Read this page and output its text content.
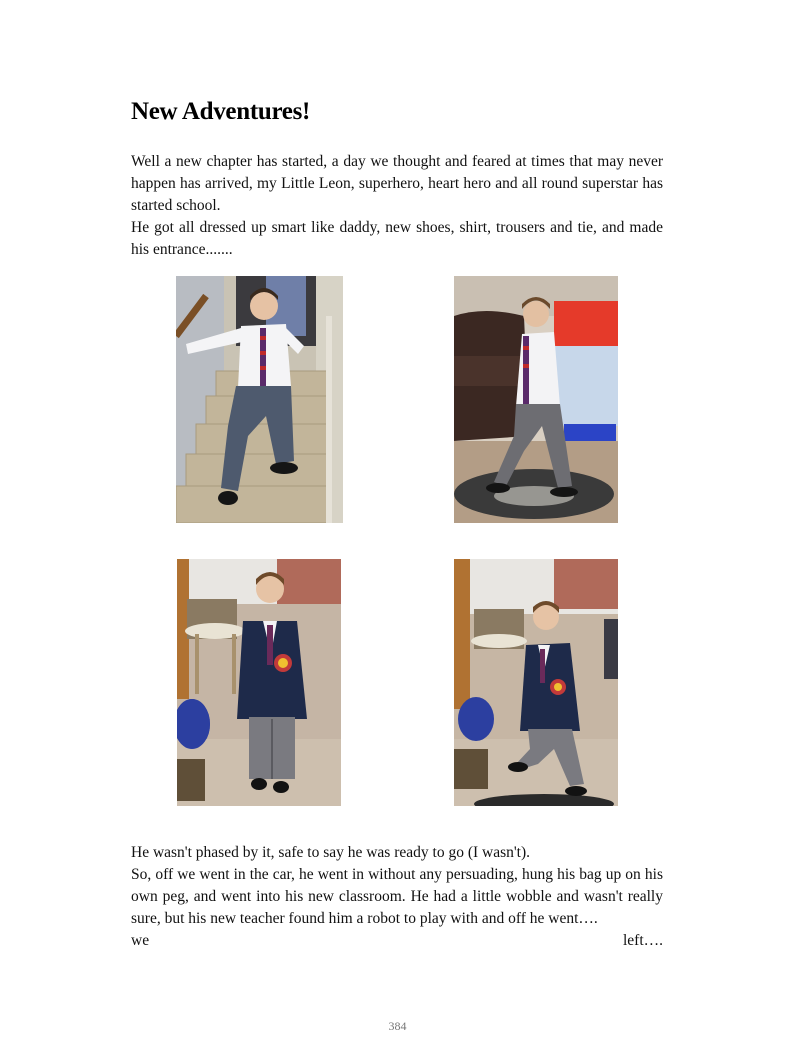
New Adventures!

Well a new chapter has started, a day we thought and feared at times that may never happen has arrived, my Little Leon, superhero, heart hero and all round superstar has started school.

He got all dressed up smart like daddy, new shoes, shirt, trousers and tie, and made his entrance.......

He wasn't phased by it, safe to say he was ready to go (I wasn't).

So, off we went in the car, he went in without any persuading, hung his bag up on his own peg, and went into his new classroom. He had a little wobble and wasn't really sure, but his new teacher found him a robot to play with and off he went….

we	left….
384
